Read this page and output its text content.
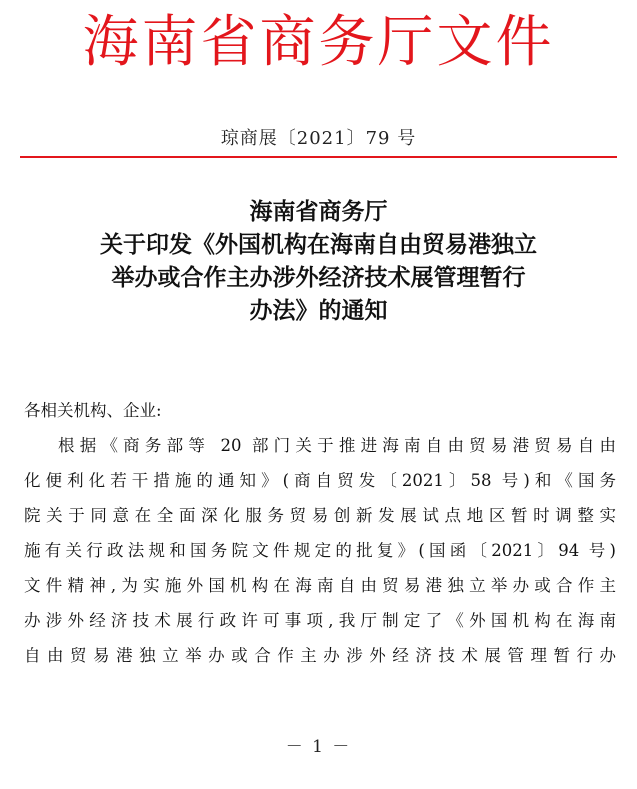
海南省商务厅文件
琼商展〔2021〕79 号
海南省商务厅
关于印发《外国机构在海南自由贸易港独立
举办或合作主办涉外经济技术展管理暂行
办法》的通知

各相关机构、企业:

根据《商务部等 20 部门关于推进海南自由贸易港贸易自由
化便利化若干措施的通知》(商自贸发〔2021〕58 号)和《国务
院关于同意在全面深化服务贸易创新发展试点地区暂时调整实
施有关行政法规和国务院文件规定的批复》(国函〔2021〕94 号)
文件精神,为实施外国机构在海南自由贸易港独立举办或合作主
办涉外经济技术展行政许可事项,我厅制定了《外国机构在海南
自由贸易港独立举办或合作主办涉外经济技术展管理暂行办
－ 1 －
